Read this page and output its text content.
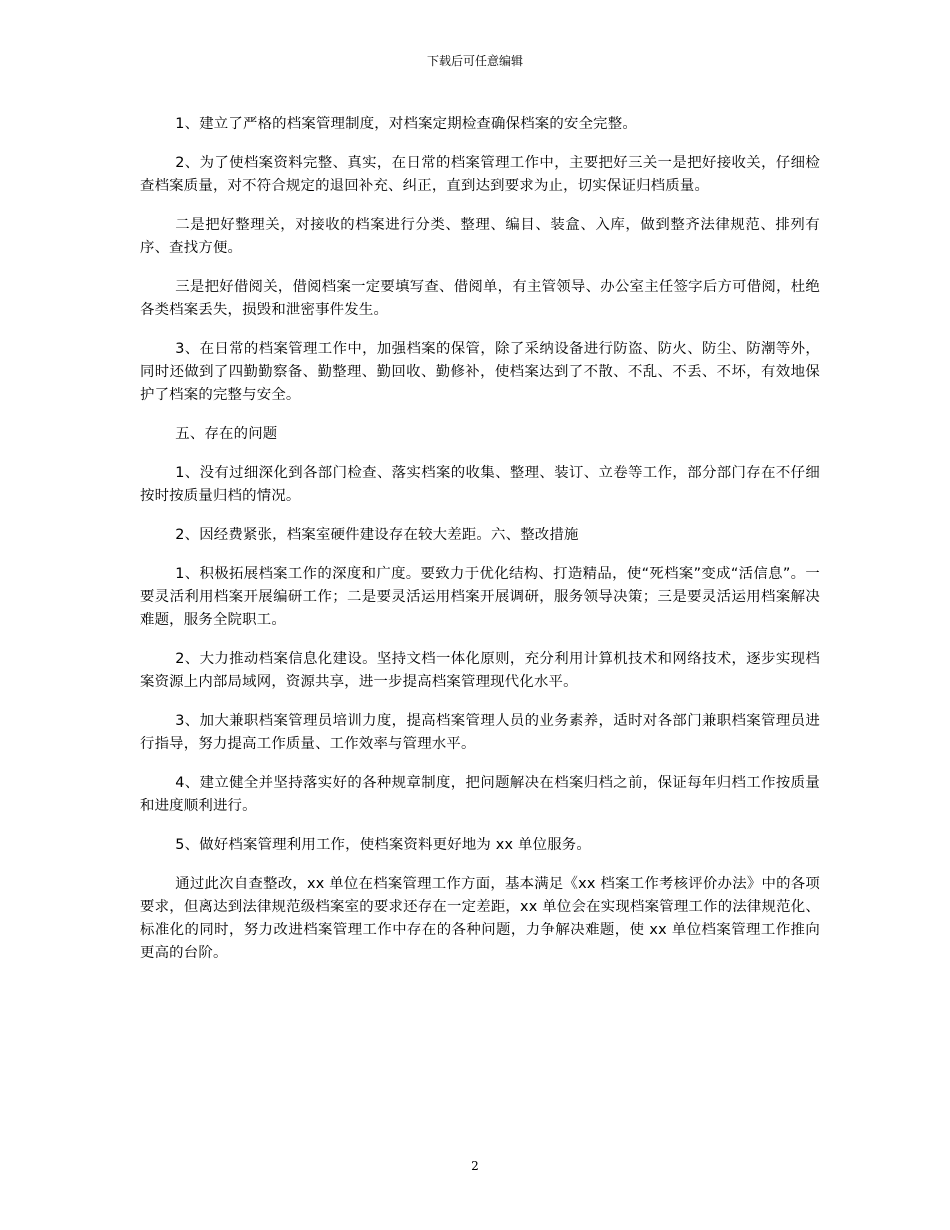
下载后可任意编辑

1、建立了严格的档案管理制度，对档案定期检查确保档案的安全完整。

2、为了使档案资料完整、真实，在日常的档案管理工作中，主要把好三关一是把好接收关，仔细检查档案质量，对不符合规定的退回补充、纠正，直到达到要求为止，切实保证归档质量。

二是把好整理关，对接收的档案进行分类、整理、编目、装盒、入库，做到整齐法律规范、排列有序、查找方便。

三是把好借阅关，借阅档案一定要填写查、借阅单，有主管领导、办公室主任签字后方可借阅，杜绝各类档案丢失，损毁和泄密事件发生。

3、在日常的档案管理工作中，加强档案的保管，除了采纳设备进行防盗、防火、防尘、防潮等外，同时还做到了四勤勤察备、勤整理、勤回收、勤修补，使档案达到了不散、不乱、不丢、不坏，有效地保护了档案的完整与安全。

五、存在的问题

1、没有过细深化到各部门检查、落实档案的收集、整理、装订、立卷等工作，部分部门存在不仔细按时按质量归档的情况。

2、因经费紧张，档案室硬件建设存在较大差距。六、整改措施

1、积极拓展档案工作的深度和广度。要致力于优化结构、打造精品，使“死档案”变成“活信息”。一要灵活利用档案开展编研工作；二是要灵活运用档案开展调研，服务领导决策；三是要灵活运用档案解决难题，服务全院职工。

2、大力推动档案信息化建设。坚持文档一体化原则，充分利用计算机技术和网络技术，逐步实现档案资源上内部局域网，资源共享，进一步提高档案管理现代化水平。

3、加大兼职档案管理员培训力度，提高档案管理人员的业务素养，适时对各部门兼职档案管理员进行指导，努力提高工作质量、工作效率与管理水平。

4、建立健全并坚持落实好的各种规章制度，把问题解决在档案归档之前，保证每年归档工作按质量和进度顺利进行。

5、做好档案管理利用工作，使档案资料更好地为 xx 单位服务。

通过此次自查整改，xx 单位在档案管理工作方面，基本满足《xx 档案工作考核评价办法》中的各项要求，但离达到法律规范级档案室的要求还存在一定差距，xx 单位会在实现档案管理工作的法律规范化、标准化的同时，努力改进档案管理工作中存在的各种问题，力争解决难题，使 xx 单位档案管理工作推向更高的台阶。

2
